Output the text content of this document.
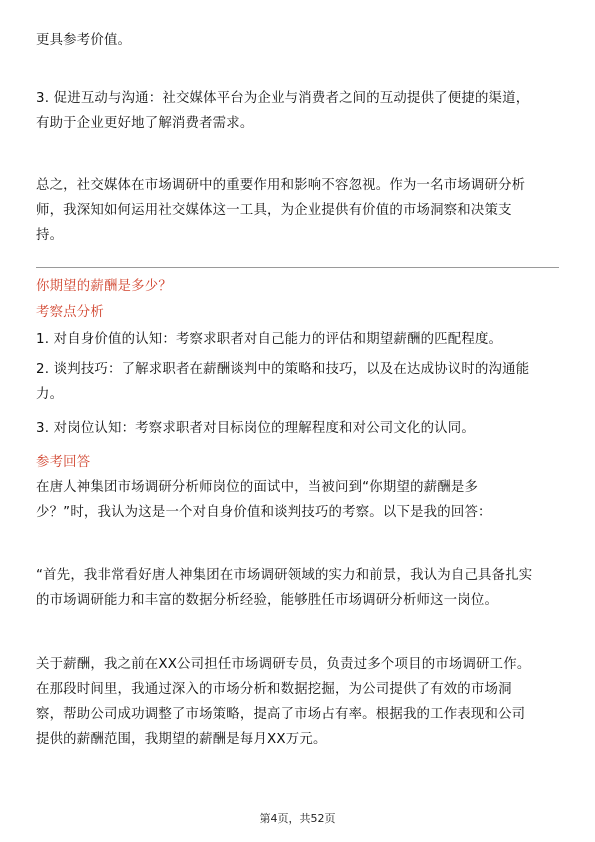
更具参考价值。

3. 促进互动与沟通：社交媒体平台为企业与消费者之间的互动提供了便捷的渠道，
有助于企业更好地了解消费者需求。

总之，社交媒体在市场调研中的重要作用和影响不容忽视。作为一名市场调研分析
师，我深知如何运用社交媒体这一工具，为企业提供有价值的市场洞察和决策支
持。

你期望的薪酬是多少？

考察点分析

1. 对自身价值的认知：考察求职者对自己能力的评估和期望薪酬的匹配程度。

2. 谈判技巧：了解求职者在薪酬谈判中的策略和技巧，以及在达成协议时的沟通能
力。

3. 对岗位认知：考察求职者对目标岗位的理解程度和对公司文化的认同。

参考回答

在唐人神集团市场调研分析师岗位的面试中，当被问到“你期望的薪酬是多
少？”时，我认为这是一个对自身价值和谈判技巧的考察。以下是我的回答：

“首先，我非常看好唐人神集团在市场调研领域的实力和前景，我认为自己具备扎实
的市场调研能力和丰富的数据分析经验，能够胜任市场调研分析师这一岗位。

关于薪酬，我之前在XX公司担任市场调研专员，负责过多个项目的市场调研工作。
在那段时间里，我通过深入的市场分析和数据挖掘，为公司提供了有效的市场洞
察，帮助公司成功调整了市场策略，提高了市场占有率。根据我的工作表现和公司
提供的薪酬范围，我期望的薪酬是每月XX万元。

第4页，共52页
